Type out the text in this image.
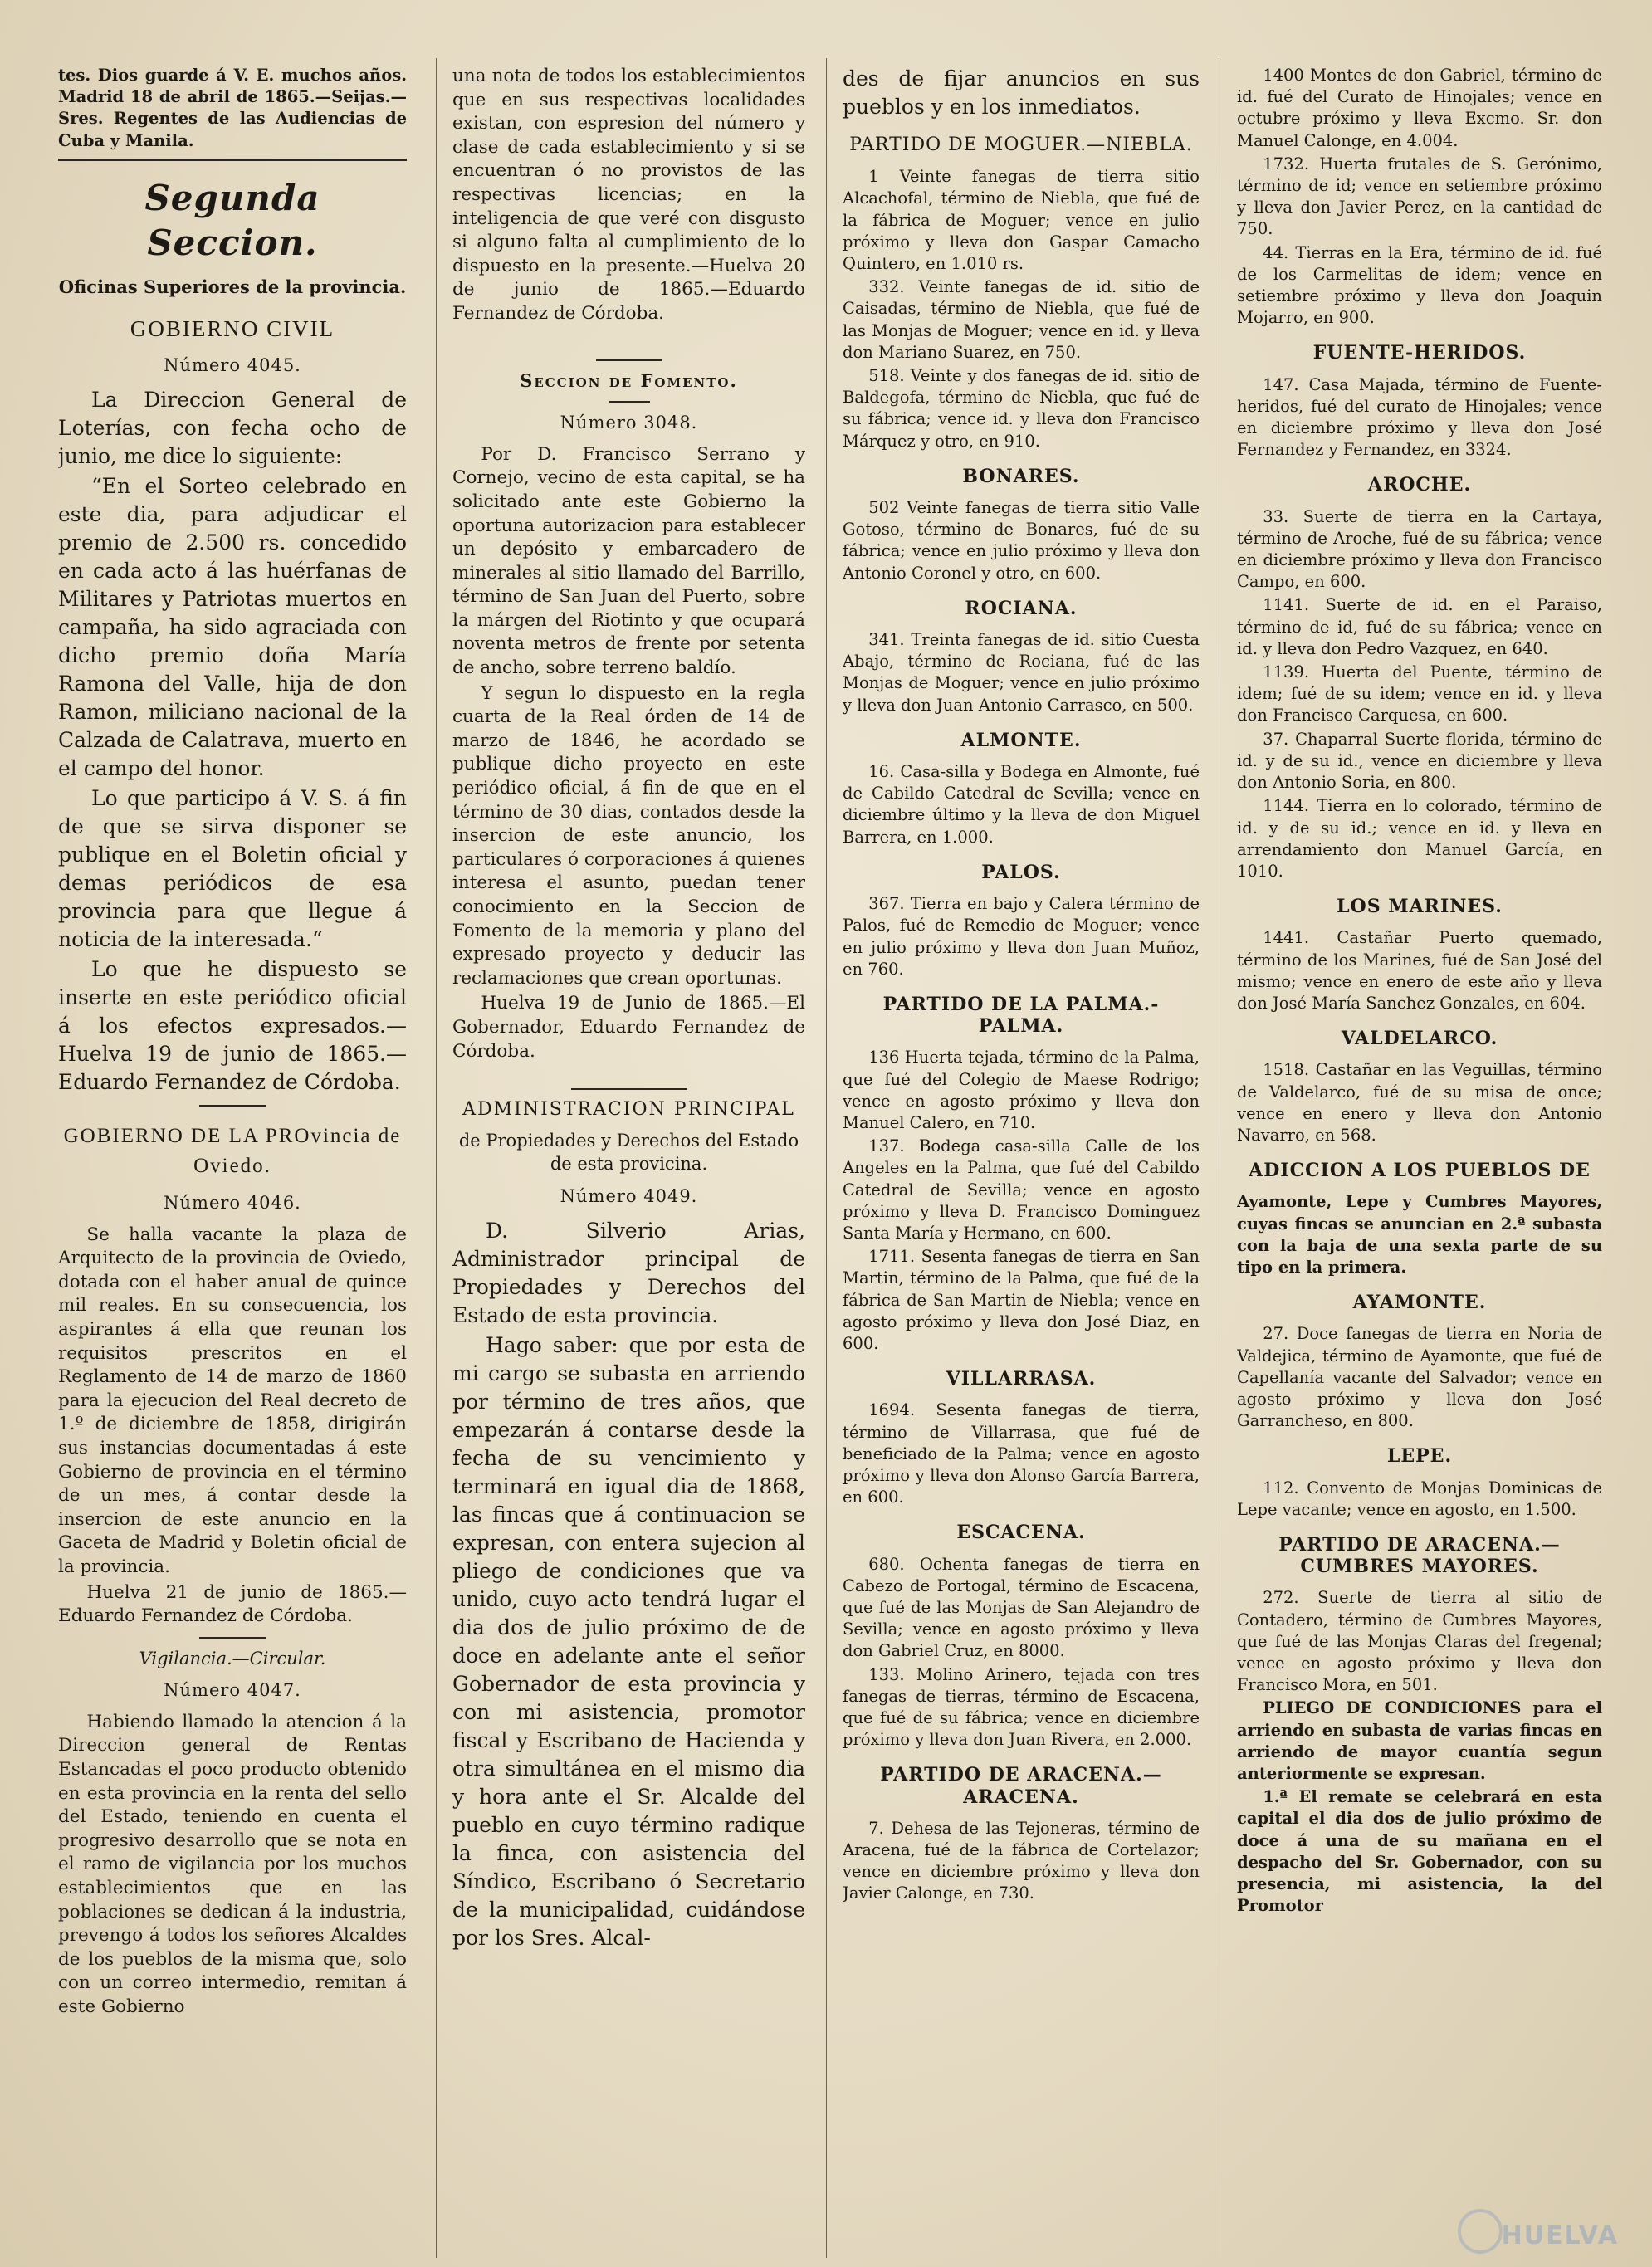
tes. Dios guarde á V. E. muchos años. Madrid 18 de abril de 1865.—Seijas.— Sres. Regentes de las Audiencias de Cuba y Manila.

Segunda Seccion.
Oficinas Superiores de la provincia.
GOBIERNO CIVIL
Número 4045.

La Direccion General de Loterías, con fecha ocho de junio, me dice lo siguiente:

“En el Sorteo celebrado en este dia, para adjudicar el premio de 2.500 rs. concedido en cada acto á las huérfanas de Militares y Patriotas muertos en campaña, ha sido agraciada con dicho premio doña María Ramona del Valle, hija de don Ramon, miliciano nacional de la Calzada de Calatrava, muerto en el campo del honor.

Lo que participo á V. S. á fin de que se sirva disponer se publique en el Boletin oficial y demas periódicos de esa provincia para que llegue á noticia de la interesada.“

Lo que he dispuesto se inserte en este periódico oficial á los efectos expresados.—Huelva 19 de junio de 1865.—Eduardo Fernandez de Córdoba.

GOBIERNO DE LA PROvincia de Oviedo.
Número 4046.

Se halla vacante la plaza de Arquitecto de la provincia de Oviedo, dotada con el haber anual de quince mil reales. En su consecuencia, los aspirantes á ella que reunan los requisitos prescritos en el Reglamento de 14 de marzo de 1860 para la ejecucion del Real decreto de 1.º de diciembre de 1858, dirigirán sus instancias documentadas á este Gobierno de provincia en el término de un mes, á contar desde la insercion de este anuncio en la Gaceta de Madrid y Boletin oficial de la provincia.

Huelva 21 de junio de 1865.—Eduardo Fernandez de Córdoba.

Vigilancia.—Circular.
Número 4047.

Habiendo llamado la atencion á la Direccion general de Rentas Estancadas el poco producto obtenido en esta provincia en la renta del sello del Estado, teniendo en cuenta el progresivo desarrollo que se nota en el ramo de vigilancia por los muchos establecimientos que en las poblaciones se dedican á la industria, prevengo á todos los señores Alcaldes de los pueblos de la misma que, solo con un correo intermedio, remitan á este Gobierno

una nota de todos los establecimientos que en sus respectivas localidades existan, con espresion del número y clase de cada establecimiento y si se encuentran ó no provistos de las respectivas licencias; en la inteligencia de que veré con disgusto si alguno falta al cumplimiento de lo dispuesto en la presente.—Huelva 20 de junio de 1865.—Eduardo Fernandez de Córdoba.

Seccion de Fomento.
Número 3048.

Por D. Francisco Serrano y Cornejo, vecino de esta capital, se ha solicitado ante este Gobierno la oportuna autorizacion para establecer un depósito y embarcadero de minerales al sitio llamado del Barrillo, término de San Juan del Puerto, sobre la márgen del Riotinto y que ocupará noventa metros de frente por setenta de ancho, sobre terreno baldío.

Y segun lo dispuesto en la regla cuarta de la Real órden de 14 de marzo de 1846, he acordado se publique dicho proyecto en este periódico oficial, á fin de que en el término de 30 dias, contados desde la insercion de este anuncio, los particulares ó corporaciones á quienes interesa el asunto, puedan tener conocimiento en la Seccion de Fomento de la memoria y plano del expresado proyecto y deducir las reclamaciones que crean oportunas.

Huelva 19 de Junio de 1865.—El Gobernador, Eduardo Fernandez de Córdoba.

ADMINISTRACION PRINCIPAL
de Propiedades y Derechos del Estado de esta provicina.
Número 4049.

D. Silverio Arias, Administrador principal de Propiedades y Derechos del Estado de esta provincia.

Hago saber: que por esta de mi cargo se subasta en arriendo por término de tres años, que empezarán á contarse desde la fecha de su vencimiento y terminará en igual dia de 1868, las fincas que á continuacion se expresan, con entera sujecion al pliego de condiciones que va unido, cuyo acto tendrá lugar el dia dos de julio próximo de de doce en adelante ante el señor Gobernador de esta provincia y con mi asistencia, promotor fiscal y Escribano de Hacienda y otra simultánea en el mismo dia y hora ante el Sr. Alcalde del pueblo en cuyo término radique la finca, con asistencia del Síndico, Escribano ó Secretario de la municipalidad, cuidándose por los Sres. Alcal-

des de fijar anuncios en sus pueblos y en los inmediatos.

PARTIDO DE MOGUER.—NIEBLA.

1 Veinte fanegas de tierra sitio Alcachofal, término de Niebla, que fué de la fábrica de Moguer; vence en julio próximo y lleva don Gaspar Camacho Quintero, en 1.010 rs.

332. Veinte fanegas de id. sitio de Caisadas, término de Niebla, que fué de las Monjas de Moguer; vence en id. y lleva don Mariano Suarez, en 750.

518. Veinte y dos fanegas de id. sitio de Baldegofa, término de Niebla, que fué de su fábrica; vence id. y lleva don Francisco Márquez y otro, en 910.

BONARES.

502 Veinte fanegas de tierra sitio Valle Gotoso, término de Bonares, fué de su fábrica; vence en julio próximo y lleva don Antonio Coronel y otro, en 600.

ROCIANA.

341. Treinta fanegas de id. sitio Cuesta Abajo, término de Rociana, fué de las Monjas de Moguer; vence en julio próximo y lleva don Juan Antonio Carrasco, en 500.

ALMONTE.

16. Casa-silla y Bodega en Almonte, fué de Cabildo Catedral de Sevilla; vence en diciembre último y la lleva de don Miguel Barrera, en 1.000.

PALOS.

367. Tierra en bajo y Calera término de Palos, fué de Remedio de Moguer; vence en julio próximo y lleva don Juan Muñoz, en 760.

PARTIDO DE LA PALMA.-PALMA.

136 Huerta tejada, término de la Palma, que fué del Colegio de Maese Rodrigo; vence en agosto próximo y lleva don Manuel Calero, en 710.

137. Bodega casa-silla Calle de los Angeles en la Palma, que fué del Cabildo Catedral de Sevilla; vence en agosto próximo y lleva D. Francisco Dominguez Santa María y Hermano, en 600.

1711. Sesenta fanegas de tierra en San Martin, término de la Palma, que fué de la fábrica de San Martin de Niebla; vence en agosto próximo y lleva don José Diaz, en 600.

VILLARRASA.

1694. Sesenta fanegas de tierra, término de Villarrasa, que fué de beneficiado de la Palma; vence en agosto próximo y lleva don Alonso García Barrera, en 600.

ESCACENA.

680. Ochenta fanegas de tierra en Cabezo de Portogal, término de Escacena, que fué de las Monjas de San Alejandro de Sevilla; vence en agosto próximo y lleva don Gabriel Cruz, en 8000.

133. Molino Arinero, tejada con tres fanegas de tierras, término de Escacena, que fué de su fábrica; vence en diciembre próximo y lleva don Juan Rivera, en 2.000.

PARTIDO DE ARACENA.—ARACENA.

7. Dehesa de las Tejoneras, término de Aracena, fué de la fábrica de Cortelazor; vence en diciembre próximo y lleva don Javier Calonge, en 730.

1400 Montes de don Gabriel, término de id. fué del Curato de Hinojales; vence en octubre próximo y lleva Excmo. Sr. don Manuel Calonge, en 4.004.

1732. Huerta frutales de S. Gerónimo, término de id; vence en setiembre próximo y lleva don Javier Perez, en la cantidad de 750.

44. Tierras en la Era, término de id. fué de los Carmelitas de idem; vence en setiembre próximo y lleva don Joaquin Mojarro, en 900.

FUENTE-HERIDOS.

147. Casa Majada, término de Fuente-heridos, fué del curato de Hinojales; vence en diciembre próximo y lleva don José Fernandez y Fernandez, en 3324.

AROCHE.

33. Suerte de tierra en la Cartaya, término de Aroche, fué de su fábrica; vence en diciembre próximo y lleva don Francisco Campo, en 600.

1141. Suerte de id. en el Paraiso, término de id, fué de su fábrica; vence en id. y lleva don Pedro Vazquez, en 640.

1139. Huerta del Puente, término de idem; fué de su idem; vence en id. y lleva don Francisco Carquesa, en 600.

37. Chaparral Suerte florida, término de id. y de su id., vence en diciembre y lleva don Antonio Soria, en 800.

1144. Tierra en lo colorado, término de id. y de su id.; vence en id. y lleva en arrendamiento don Manuel García, en 1010.

LOS MARINES.

1441. Castañar Puerto quemado, término de los Marines, fué de San José del mismo; vence en enero de este año y lleva don José María Sanchez Gonzales, en 604.

VALDELARCO.

1518. Castañar en las Veguillas, término de Valdelarco, fué de su misa de once; vence en enero y lleva don Antonio Navarro, en 568.

ADICCION A LOS PUEBLOS DE

Ayamonte, Lepe y Cumbres Mayores, cuyas fincas se anuncian en 2.ª subasta con la baja de una sexta parte de su tipo en la primera.

AYAMONTE.

27. Doce fanegas de tierra en Noria de Valdejica, término de Ayamonte, que fué de Capellanía vacante del Salvador; vence en agosto próximo y lleva don José Garrancheso, en 800.

LEPE.

112. Convento de Monjas Dominicas de Lepe vacante; vence en agosto, en 1.500.

PARTIDO DE ARACENA.—CUMBRES MAYORES.

272. Suerte de tierra al sitio de Contadero, término de Cumbres Mayores, que fué de las Monjas Claras del fregenal; vence en agosto próximo y lleva don Francisco Mora, en 501.

PLIEGO DE CONDICIONES para el arriendo en subasta de varias fincas en arriendo de mayor cuantía segun anteriormente se expresan.

1.ª El remate se celebrará en esta capital el dia dos de julio próximo de doce á una de su mañana en el despacho del Sr. Gobernador, con su presencia, mi asistencia, la del Promotor

HUELVA
